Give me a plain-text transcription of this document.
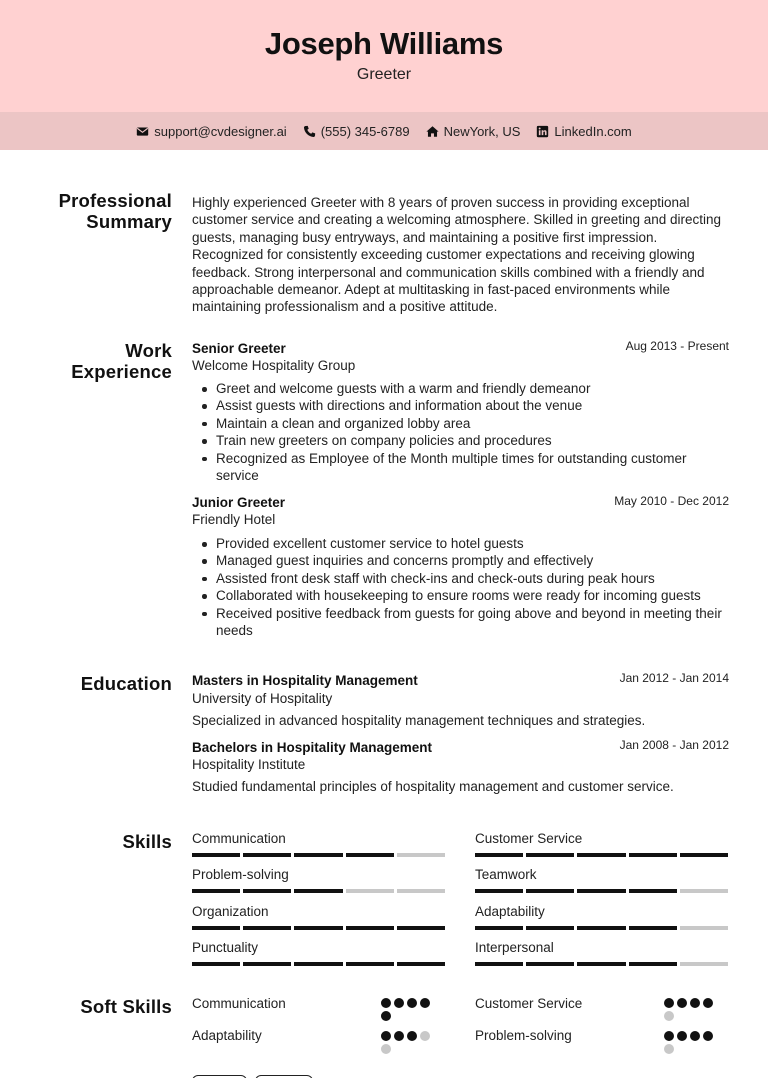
Joseph Williams
Greeter
support@cvdesigner.ai	(555) 345-6789	NewYork, US	LinkedIn.com
Professional Summary
Highly experienced Greeter with 8 years of proven success in providing exceptional customer service and creating a welcoming atmosphere. Skilled in greeting and directing guests, managing busy entryways, and maintaining a positive first impression. Recognized for consistently exceeding customer expectations and receiving glowing feedback. Strong interpersonal and communication skills combined with a friendly and approachable demeanor. Adept at multitasking in fast-paced environments while maintaining professionalism and a positive attitude.
Work Experience
Senior Greeter	Aug 2013 - Present
Welcome Hospitality Group
Greet and welcome guests with a warm and friendly demeanor
Assist guests with directions and information about the venue
Maintain a clean and organized lobby area
Train new greeters on company policies and procedures
Recognized as Employee of the Month multiple times for outstanding customer service
Junior Greeter	May 2010 - Dec 2012
Friendly Hotel
Provided excellent customer service to hotel guests
Managed guest inquiries and concerns promptly and effectively
Assisted front desk staff with check-ins and check-outs during peak hours
Collaborated with housekeeping to ensure rooms were ready for incoming guests
Received positive feedback from guests for going above and beyond in meeting their needs
Education Masters in Hospitality Management	Jan 2012 - Jan 2014
University of Hospitality
Specialized in advanced hospitality management techniques and strategies.
Bachelors in Hospitality Management	Jan 2008 - Jan 2012
Hospitality Institute
Studied fundamental principles of hospitality management and customer service.
Skills Communication	Customer Service
Problem-solving	Teamwork
Organization	Adaptability
Punctuality	Interpersonal
Soft Skills Communication	Customer Service
Adaptability	Problem-solving
